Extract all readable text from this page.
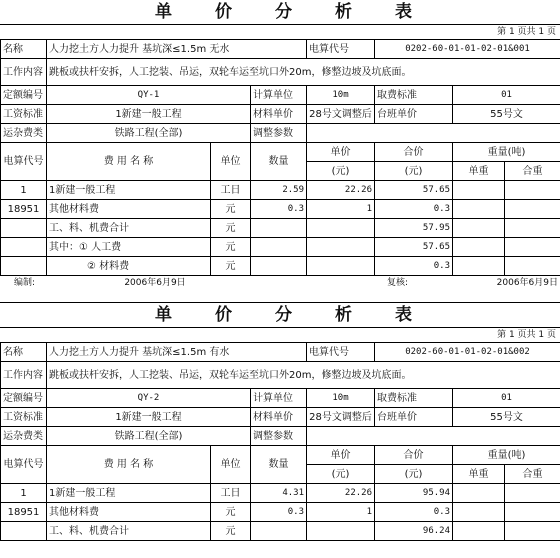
单	价	分	析	表
第 1 页共 1 页
名称	人力挖土方人力提升 基坑深≤1.5m 无水			电算代号	0202-60-01-01-02-01&001		
工作内容	跳板或扶杆安拆，人工挖装、吊运，双轮车运至坑口外20m，修整边坡及坑底面。						
定额编号	QY-1		计算单位	10m	取费标准	01	
工资标准	1新建一般工程		材料单价	28号文调整后	台班单价	55号文	
运杂费类	铁路工程(全部)		调整参数				
电算代号	费 用 名 称	单位	数量	单价	合价	重量(吨)	
				(元)	(元)	单重	合重
1	1新建一般工程	工日	2.59	22.26	57.65		
18951	其他材料费	元	0.3	1	0.3		
	工、料、机费合计	元			57.95		
	其中：① 人工费	元			57.65		
	② 材料费	元			0.3		
编制:	2006年6月9日	复核:	2006年6月9日
单	价	分	析	表
第 1 页共 1 页
名称	人力挖土方人力提升 基坑深≤1.5m 有水			电算代号	0202-60-01-01-02-01&002		
工作内容	跳板或扶杆安拆，人工挖装、吊运，双轮车运至坑口外20m，修整边坡及坑底面。						
定额编号	QY-2		计算单位	10m	取费标准	01	
工资标准	1新建一般工程		材料单价	28号文调整后	台班单价	55号文	
运杂费类	铁路工程(全部)		调整参数				
电算代号	费 用 名 称	单位	数量	单价	合价	重量(吨)	
				(元)	(元)	单重	合重
1	1新建一般工程	工日	4.31	22.26	95.94		
18951	其他材料费	元	0.3	1	0.3		
	工、料、机费合计	元			96.24		
